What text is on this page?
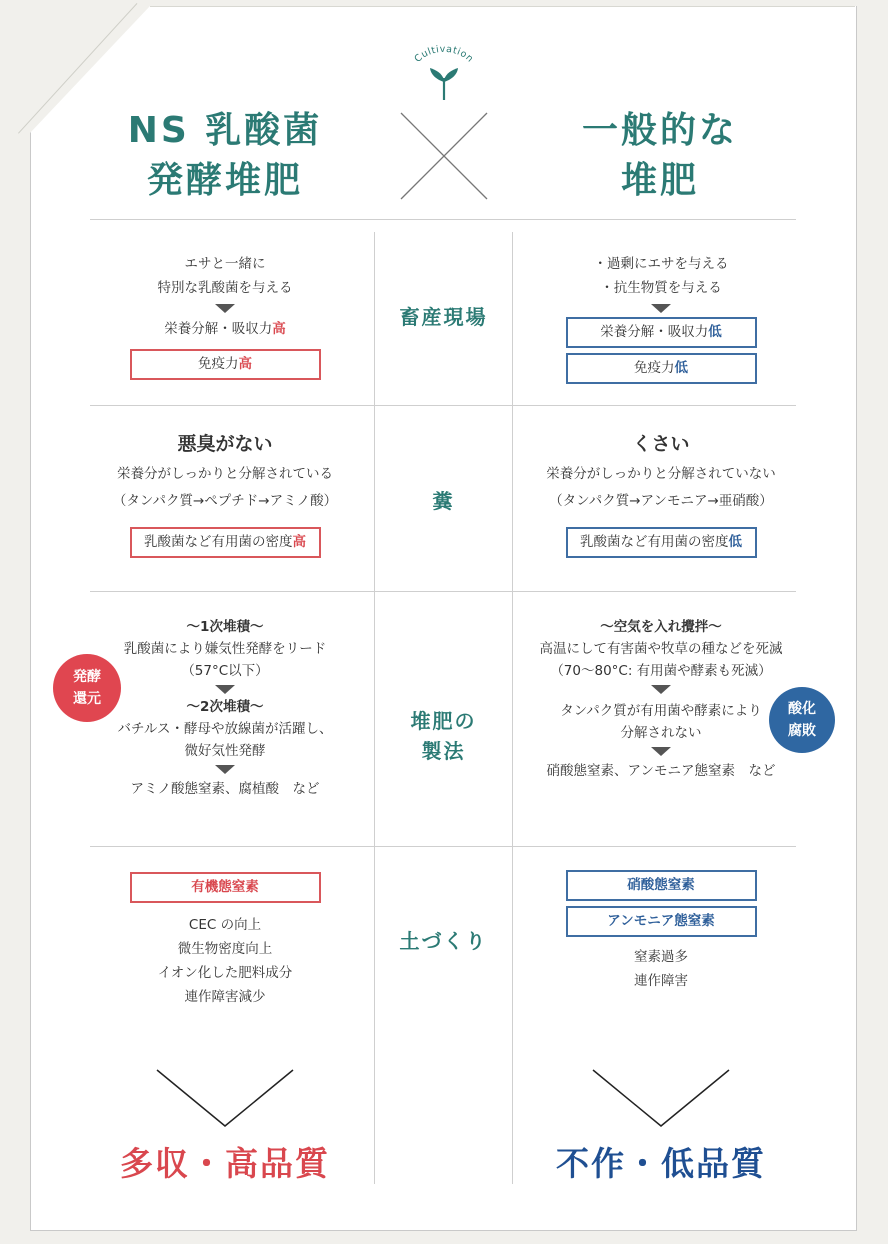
Cultivation
NS 乳酸菌
発酵堆肥
一般的な
堆肥
畜産現場
エサと一緒に
特別な乳酸菌を与える
栄養分解・吸収力高
免疫力高
・過剰にエサを与える
・抗生物質を与える
栄養分解・吸収力低
免疫力低
糞
悪臭がない
栄養分がしっかりと分解されている
（タンパク質→ペプチド→アミノ酸）
乳酸菌など有用菌の密度高
くさい
栄養分がしっかりと分解されていない
（タンパク質→アンモニア→亜硝酸）
乳酸菌など有用菌の密度低
堆肥の
製法
発酵
還元
〜1次堆積〜
乳酸菌により嫌気性発酵をリード
（57°C以下）
〜2次堆積〜
バチルス・酵母や放線菌が活躍し、
微好気性発酵
アミノ酸態窒素、腐植酸　など
酸化
腐敗
〜空気を入れ攪拌〜
高温にして有害菌や牧草の種などを死滅
（70〜80°C: 有用菌や酵素も死滅）
タンパク質が有用菌や酵素により
分解されない
硝酸態窒素、アンモニア態窒素　など
土づくり
有機態窒素
CEC の向上
微生物密度向上
イオン化した肥料成分
連作障害減少
硝酸態窒素
アンモニア態窒素
窒素過多
連作障害
多収・高品質	不作・低品質
